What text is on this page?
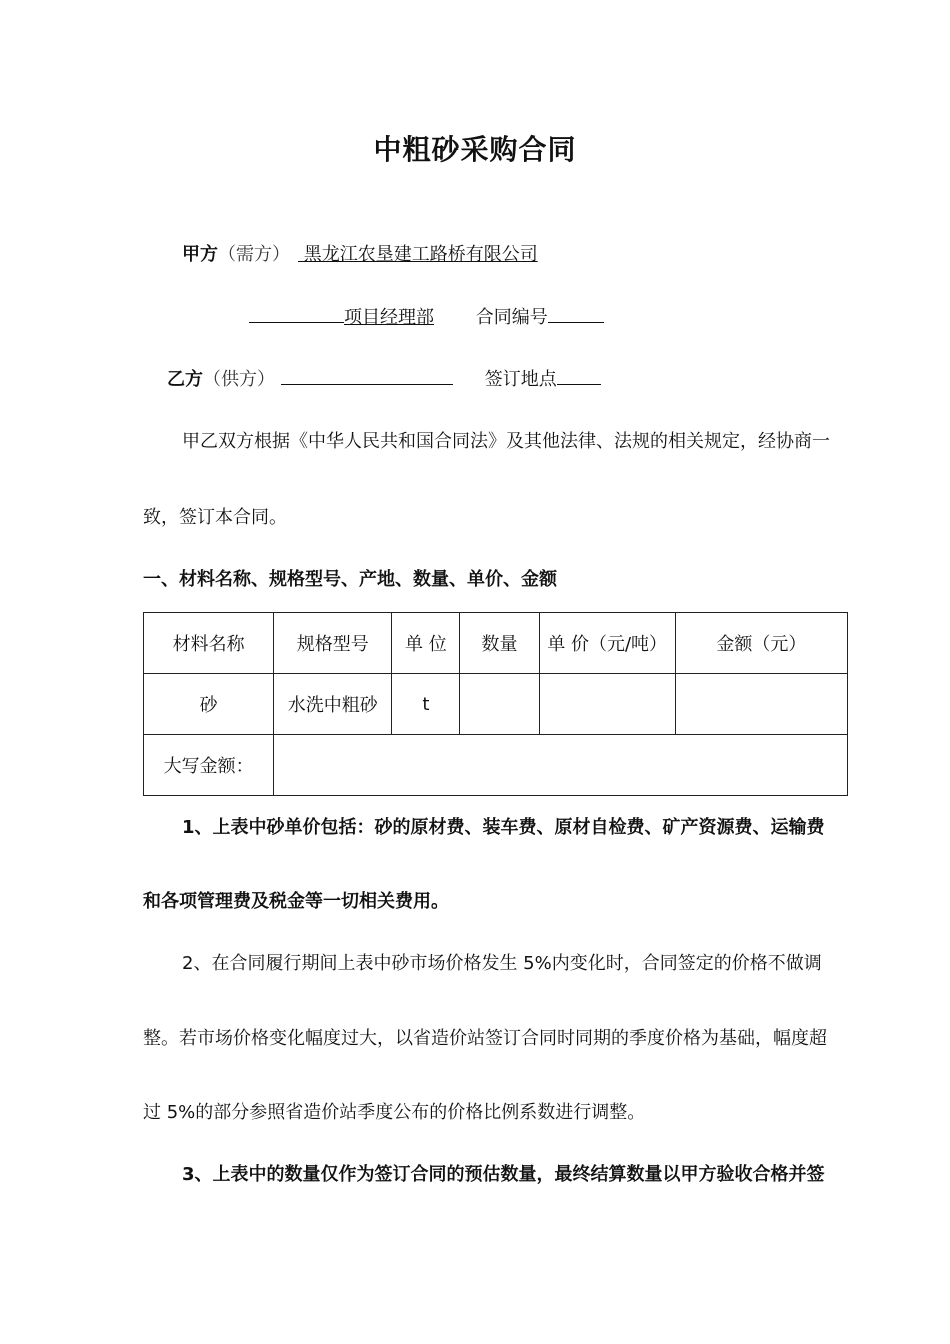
中粗砂采购合同
甲方（需方） 黑龙江农垦建工路桥有限公司
项目经理部 合同编号
乙方（供方）	签订地点
甲乙双方根据《中华人民共和国合同法》及其他法律、法规的相关规定，经协商一
致，签订本合同。
一、材料名称、规格型号、产地、数量、单价、金额
材料名称	规格型号	单 位	数量	单 价（元/吨）	金额（元）
砂	水洗中粗砂	t			
大写金额：					
1、上表中砂单价包括：砂的原材费、装车费、原材自检费、矿产资源费、运输费
和各项管理费及税金等一切相关费用。
2、在合同履行期间上表中砂市场价格发生 5%内变化时，合同签定的价格不做调
整。若市场价格变化幅度过大，以省造价站签订合同时同期的季度价格为基础，幅度超
过 5%的部分参照省造价站季度公布的价格比例系数进行调整。
3、上表中的数量仅作为签订合同的预估数量，最终结算数量以甲方验收合格并签
